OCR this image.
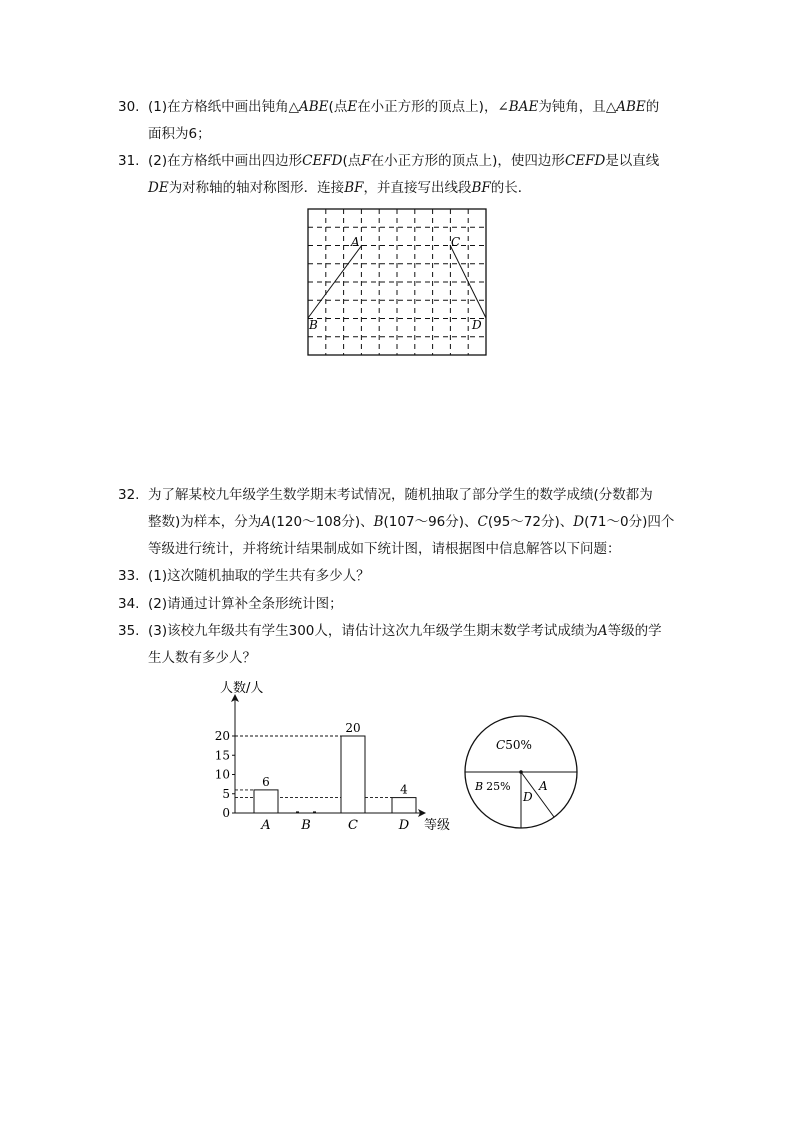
30. (1)在方格纸中画出钝角△ABE(点E在小正方形的顶点上)，∠BAE为钝角，且△ABE的
面积为6；
31. (2)在方格纸中画出四边形CEFD(点F在小正方形的顶点上)，使四边形CEFD是以直线
DE为对称轴的轴对称图形．连接BF，并直接写出线段BF的长．
A	C
B	D
32. 为了解某校九年级学生数学期末考试情况，随机抽取了部分学生的数学成绩(分数都为
整数)为样本，分为A(120～108分)、B(107～96分)、C(95～72分)、D(71～0分)四个
等级进行统计，并将统计结果制成如下统计图，请根据图中信息解答以下问题：
33. (1)这次随机抽取的学生共有多少人？
34. (2)请通过计算补全条形统计图；
35. (3)该校九年级共有学生300人，请估计这次九年级学生期末数学考试成绩为A等级的学
生人数有多少人？
人数/人
等级
0
5
15
10
20
6
20
4
A B	C	D
C50%
B 25%
D
A
